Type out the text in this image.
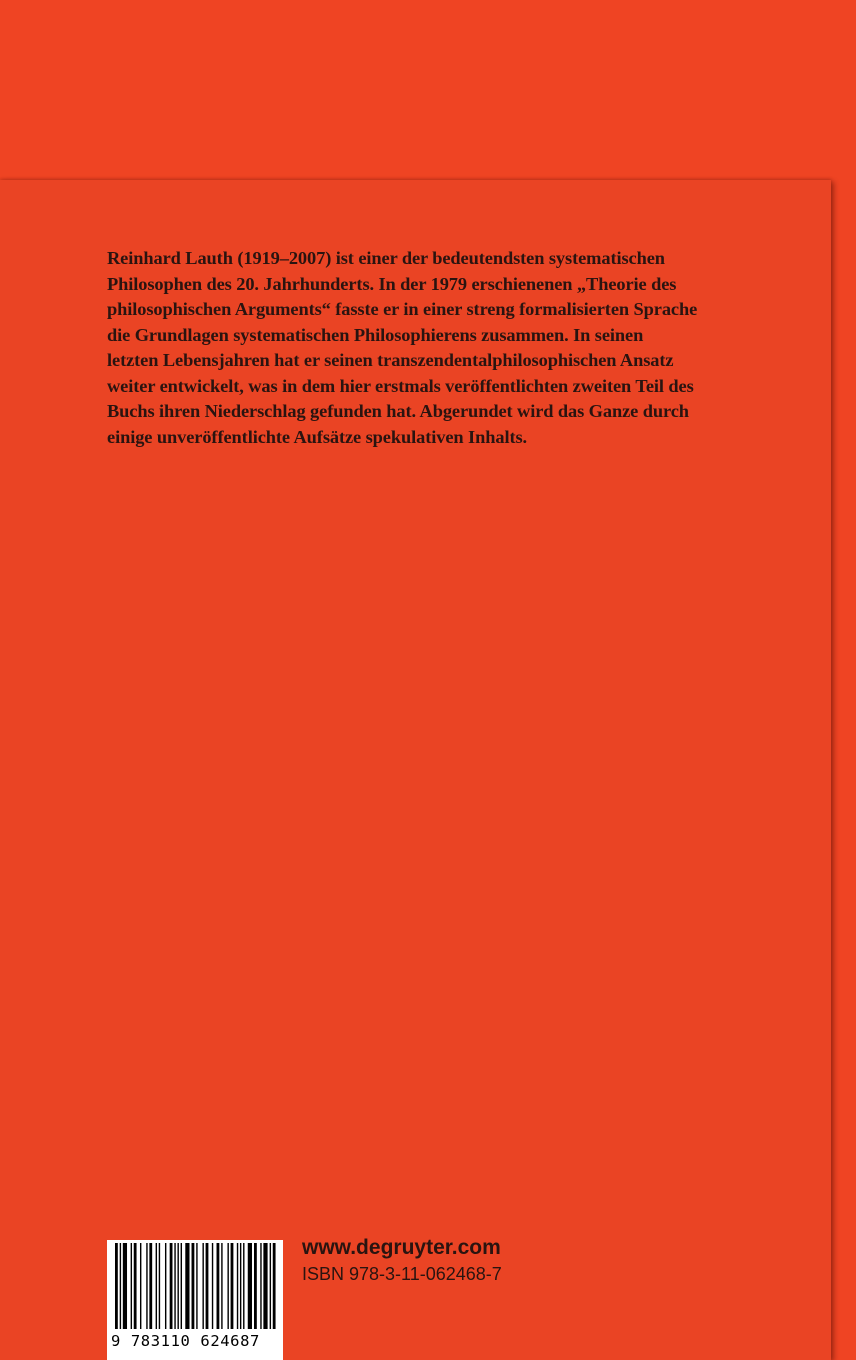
Reinhard Lauth (1919–2007) ist einer der bedeutendsten systematischen
Philosophen des 20. Jahrhunderts. In der 1979 erschienenen „Theorie des
philosophischen Arguments“ fasste er in einer streng formalisierten Sprache
die Grundlagen systematischen Philosophierens zusammen. In seinen
letzten Lebensjahren hat er seinen transzendentalphilosophischen Ansatz
weiter entwickelt, was in dem hier erstmals veröffentlichten zweiten Teil des
Buchs ihren Niederschlag gefunden hat. Abgerundet wird das Ganze durch
einige unveröffentlichte Aufsätze spekulativen Inhalts.
9 783110 624687
www.degruyter.com
ISBN 978-3-11-062468-7
